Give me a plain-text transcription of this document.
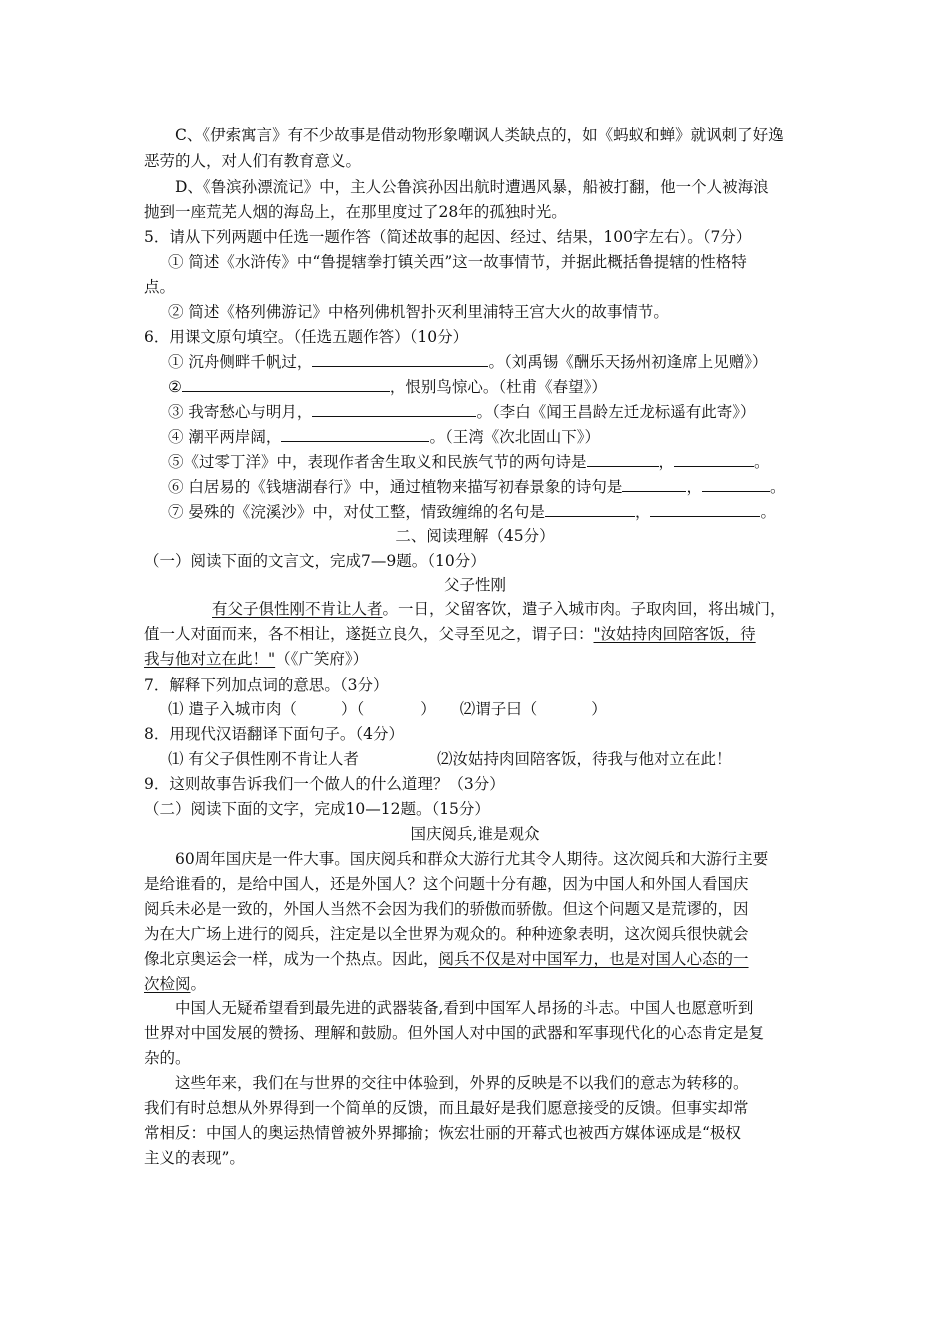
C、《伊索寓言》有不少故事是借动物形象嘲讽人类缺点的，如《蚂蚁和蝉》就讽刺了好逸
恶劳的人，对人们有教育意义。
D、《鲁滨孙漂流记》中，主人公鲁滨孙因出航时遭遇风暴，船被打翻，他一个人被海浪
抛到一座荒芜人烟的海岛上，在那里度过了28年的孤独时光。
5．请从下列两题中任选一题作答（简述故事的起因、经过、结果，100字左右）。（7分）
① 简述《水浒传》中“鲁提辖拳打镇关西”这一故事情节，并据此概括鲁提辖的性格特
点。
② 简述《格列佛游记》中格列佛机智扑灭利里浦特王宫大火的故事情节。
6．用课文原句填空。（任选五题作答）（10分）
① 沉舟侧畔千帆过，	。（刘禹锡《酬乐天扬州初逢席上见赠》）
②	，恨别鸟惊心。（杜甫《春望》）
③ 我寄愁心与明月，	。（李白《闻王昌龄左迁龙标遥有此寄》）
④ 潮平两岸阔，	。（王湾《次北固山下》）
⑤《过零丁洋》中，表现作者舍生取义和民族气节的两句诗是	，	。
⑥ 白居易的《钱塘湖春行》中，通过植物来描写初春景象的诗句是	，	。
⑦ 晏殊的《浣溪沙》中，对仗工整，情致缠绵的名句是	，	。
二、阅读理解（45分）
（一）阅读下面的文言文，完成7—9题。（10分）
父子性刚
有父子俱性刚不肯让人者。一日，父留客饮，遣子入城市肉。子取肉回，将出城门，
值一人对面而来，各不相让，遂挺立良久，父寻至见之，谓子曰："汝姑持肉回陪客饭，待
我与他对立在此！"（《广笑府》）
7．解释下列加点词的意思。（3分）
⑴ 遣子入城市肉（	）（	） ⑵谓子曰（	）
8．用现代汉语翻译下面句子。（4分）
⑴ 有父子俱性刚不肯让人者	⑵汝姑持肉回陪客饭，待我与他对立在此！
9．这则故事告诉我们一个做人的什么道理？（3分）
（二）阅读下面的文字，完成10—12题。（15分）
国庆阅兵,谁是观众
60周年国庆是一件大事。国庆阅兵和群众大游行尤其令人期待。这次阅兵和大游行主要
是给谁看的，是给中国人，还是外国人？这个问题十分有趣，因为中国人和外国人看国庆
阅兵未必是一致的，外国人当然不会因为我们的骄傲而骄傲。但这个问题又是荒谬的，因
为在大广场上进行的阅兵，注定是以全世界为观众的。种种迹象表明，这次阅兵很快就会
像北京奥运会一样，成为一个热点。因此，阅兵不仅是对中国军力，也是对国人心态的一
次检阅。
中国人无疑希望看到最先进的武器装备,看到中国军人昂扬的斗志。中国人也愿意听到
世界对中国发展的赞扬、理解和鼓励。但外国人对中国的武器和军事现代化的心态肯定是复
杂的。
这些年来，我们在与世界的交往中体验到，外界的反映是不以我们的意志为转移的。
我们有时总想从外界得到一个简单的反馈，而且最好是我们愿意接受的反馈。但事实却常
常相反：中国人的奥运热情曾被外界揶揄；恢宏壮丽的开幕式也被西方媒体诬成是“极权
主义的表现”。
